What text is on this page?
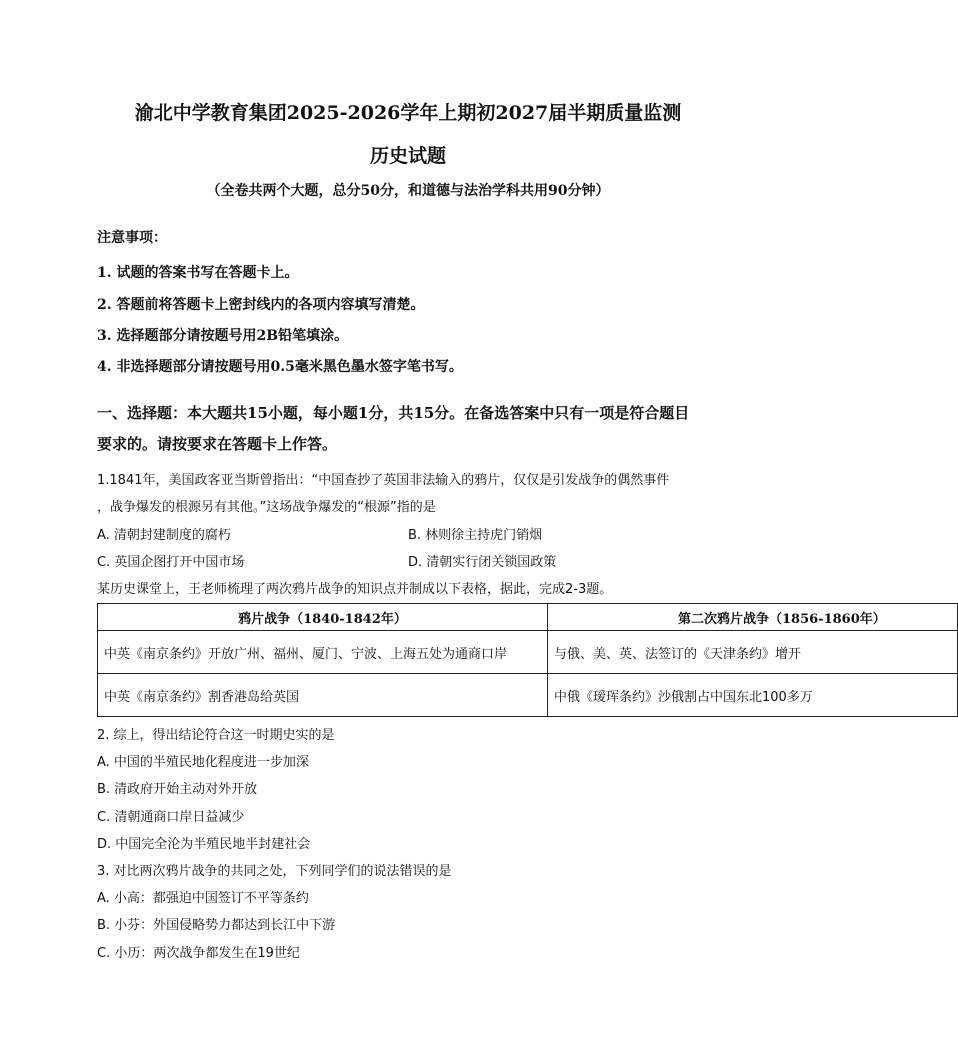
渝北中学教育集团2025-2026学年上期初2027届半期质量监测
历史试题
（全卷共两个大题，总分50分，和道德与法治学科共用90分钟）
注意事项：
1. 试题的答案书写在答题卡上。
2. 答题前将答题卡上密封线内的各项内容填写清楚。
3. 选择题部分请按题号用2B铅笔填涂。
4. 非选择题部分请按题号用0.5毫米黑色墨水签字笔书写。
一、选择题：本大题共15小题，每小题1分，共15分。在备选答案中只有一项是符合题目
要求的。请按要求在答题卡上作答。
1.1841年，美国政客亚当斯曾指出：“中国查抄了英国非法输入的鸦片，仅仅是引发战争的偶然事件
，战争爆发的根源另有其他。”这场战争爆发的“根源”指的是
A. 清朝封建制度的腐朽	B. 林则徐主持虎门销烟
C. 英国企图打开中国市场	D. 清朝实行闭关锁国政策
某历史课堂上，王老师梳理了两次鸦片战争的知识点并制成以下表格，据此，完成2-3题。
鸦片战争（1840-1842年）	第二次鸦片战争（1856-1860年）
中英《南京条约》开放广州、福州、厦门、宁波、上海五处为通商口岸	与俄、美、英、法签订的《天津条约》增开
中英《南京条约》割香港岛给英国	中俄《瑷珲条约》沙俄割占中国东北100多万
2. 综上，得出结论符合这一时期史实的是
A. 中国的半殖民地化程度进一步加深
B. 清政府开始主动对外开放
C. 清朝通商口岸日益减少
D. 中国完全沦为半殖民地半封建社会
3. 对比两次鸦片战争的共同之处，下列同学们的说法错误的是
A. 小高：都强迫中国签订不平等条约
B. 小芬：外国侵略势力都达到长江中下游
C. 小历：两次战争都发生在19世纪
